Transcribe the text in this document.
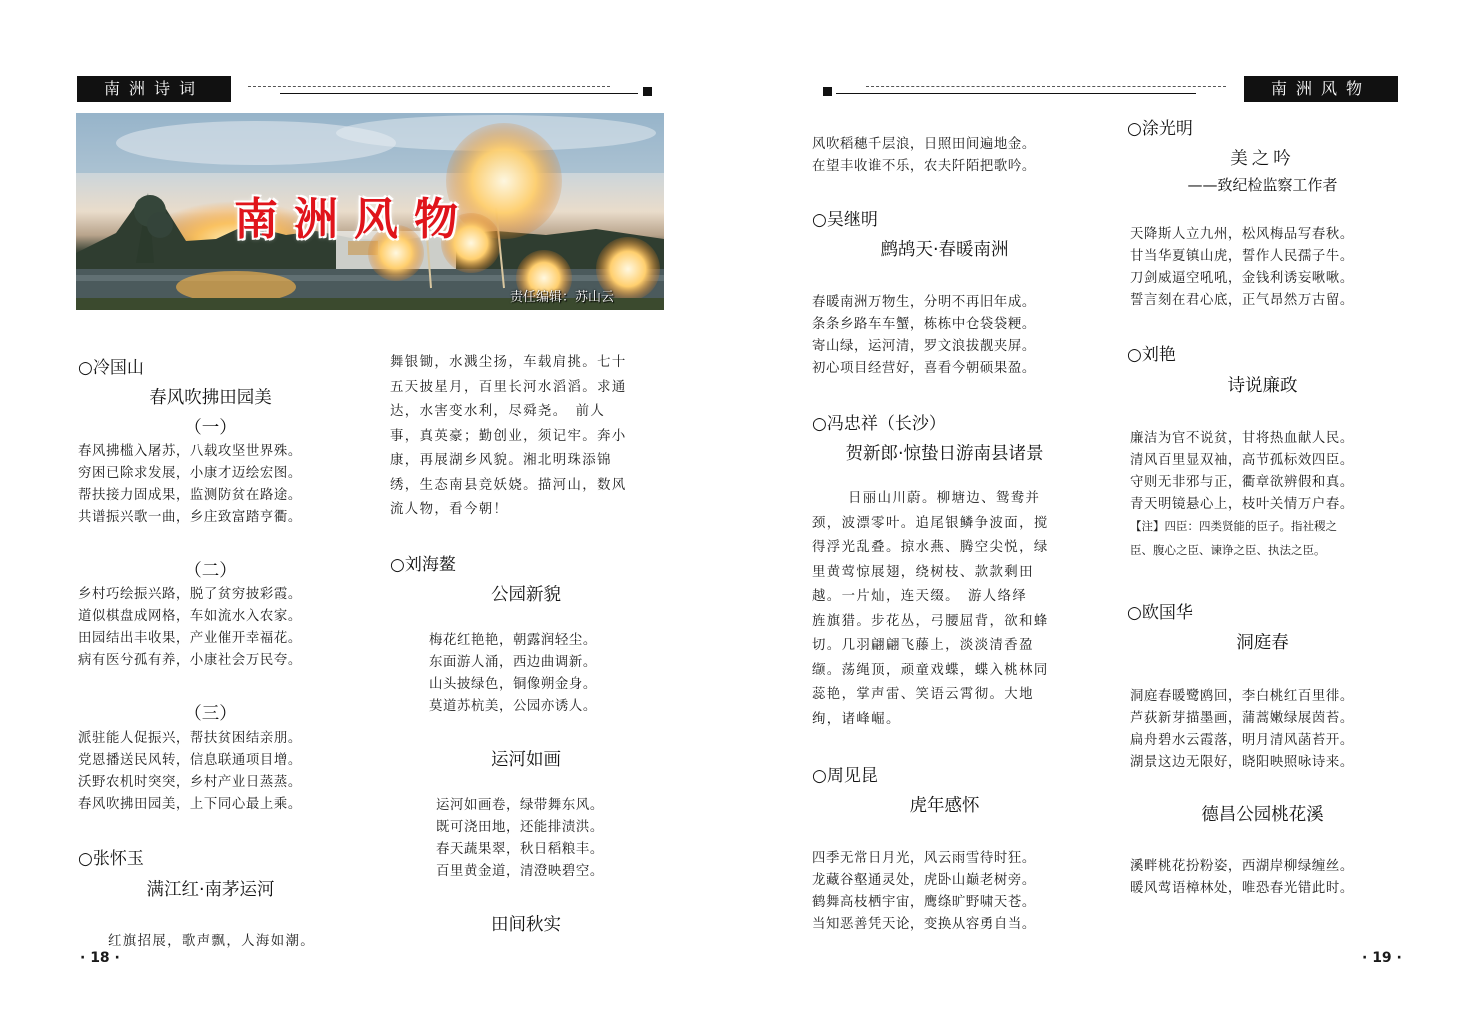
南洲诗词
南洲风物
责任编辑：苏山云
○冷国山
春风吹拂田园美
（一）
春风拂槛入屠苏，八载攻坚世界殊。
穷困已除求发展，小康才迈绘宏图。
帮扶接力固成果，监测防贫在路途。
共谱振兴歌一曲，乡庄致富踏亨衢。
（二）
乡村巧绘振兴路，脱了贫穷披彩霞。
道似棋盘成网格，车如流水入农家。
田园结出丰收果，产业催开幸福花。
病有医兮孤有养，小康社会万民夸。
（三）
派驻能人促振兴，帮扶贫困结亲朋。
党恩播送民风转，信息联通项目增。
沃野农机时突突，乡村产业日蒸蒸。
春风吹拂田园美，上下同心最上乘。
○张怀玉
满江红·南茅运河
红旗招展，歌声飘，人海如潮。
舞银锄，水溅尘扬，车载肩挑。七十
五天披星月，百里长河水滔滔。求通
达，水害变水利，尽舜尧。　前人
事，真英豪；勤创业，须记牢。奔小
康，再展湖乡风貌。湘北明珠添锦
绣，生态南县竞妖娆。描河山，数风
流人物，看今朝！
○刘海鳌
公园新貌
梅花红艳艳，朝露润轻尘。
东面游人涌，西边曲调新。
山头披绿色，铜像朔金身。
莫道苏杭美，公园亦诱人。
运河如画
运河如画卷，绿带舞东风。
既可浇田地，还能排渍洪。
春天蔬果翠，秋日稻粮丰。
百里黄金道，清澄映碧空。
田间秋实
· 18 ·
南洲风物
风吹稻穗千层浪，日照田间遍地金。
在望丰收谁不乐，农夫阡陌把歌吟。
○吴继明
鹧鸪天·春暖南洲
春暖南洲万物生，分明不再旧年成。
条条乡路车车蟹，栋栋中仓袋袋粳。
寄山绿，运河清，罗文浪拔靓夹屏。
初心项目经营好，喜看今朝硕果盈。
○冯忠祥（长沙）
贺新郎·惊蛰日游南县诸景
日丽山川蔚。柳塘边、鸳鸯并
颈，波漂零叶。追尾银鳞争波面，搅
得浮光乱叠。掠水燕、腾空尖悦，绿
里黄莺惊展翅，绕树枝、款款剩田
越。一片灿，连天缀。　游人络绎
旌旗猎。步花丛，弓腰屈背，欲和蜂
切。几羽翩翩飞藤上，淡淡清香盈
缬。荡绳顶，顽童戏蝶，蝶入桃林同
蕊艳，掌声雷、笑语云霄彻。大地
绚，诸峰崛。
○周见昆
虎年感怀
四季无常日月光，风云雨雪待时狂。
龙藏谷壑通灵处，虎卧山巅老树旁。
鹤舞高枝栖宇宙，鹰绦旷野啸天苍。
当知恶善凭天论，变换从容勇自当。
○涂光明
美之吟
——致纪检监察工作者
天降斯人立九州，松风梅品写春秋。
甘当华夏镇山虎，誓作人民孺子牛。
刀剑威逼空吼吼，金钱利诱妄啾啾。
誓言刻在君心底，正气昂然万古留。
○刘艳
诗说廉政
廉洁为官不说贫，甘将热血献人民。
清风百里显双袖，高节孤标效四臣。
守则无非邪与正，衢章欲辨假和真。
青天明镜悬心上，枝叶关情万户春。
【注】四臣：四类贤能的臣子。指社稷之
臣、腹心之臣、谏诤之臣、执法之臣。
○欧国华
洞庭春
洞庭春暖鹭鸥回，李白桃红百里徘。
芦荻新芽描墨画，蒲蒿嫩绿展茵苔。
扁舟碧水云霞落，明月清风菡苔开。
湖景这边无限好，晓阳映照咏诗来。
德昌公园桃花溪
溪畔桃花扮粉姿，西湖岸柳绿缠丝。
暖风莺语樟林处，唯恐春光错此时。
· 19 ·
